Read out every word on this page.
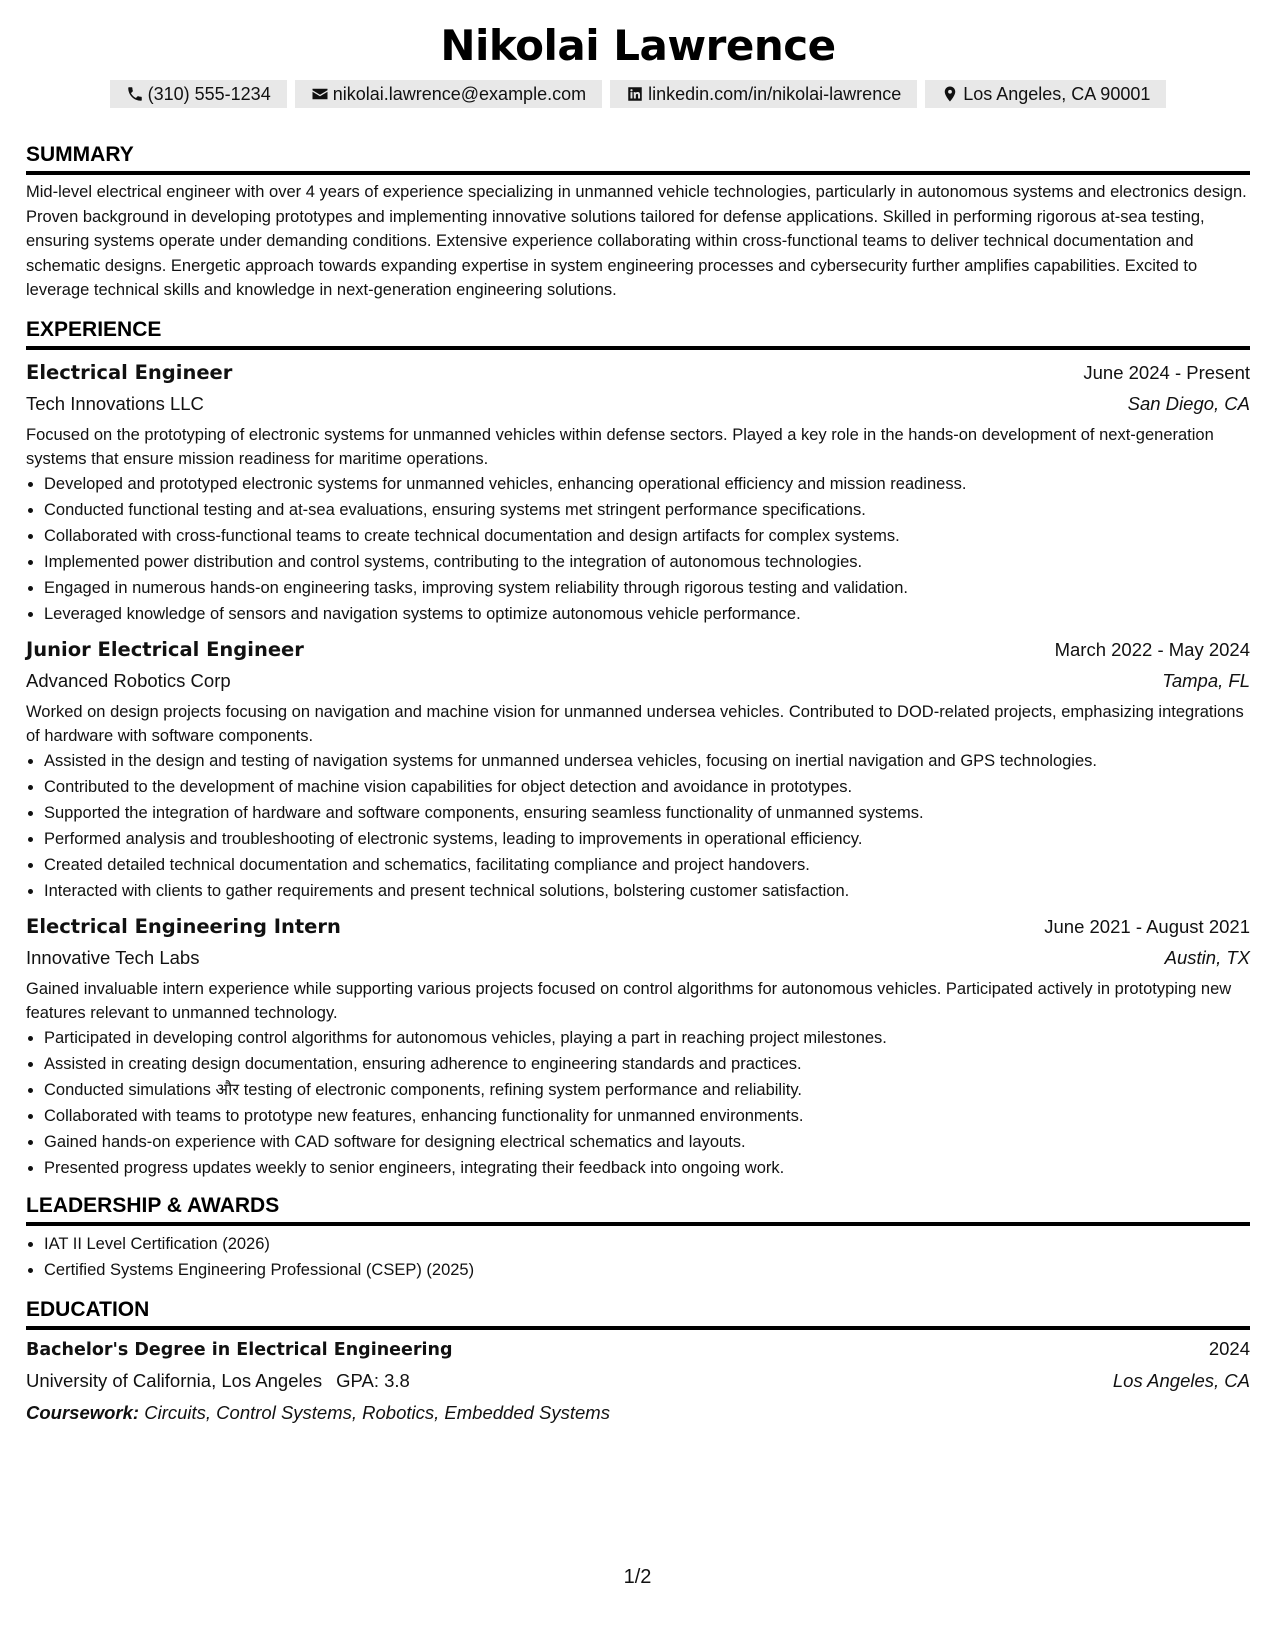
Nikolai Lawrence
(310) 555-1234	nikolai.lawrence@example.com	linkedin.com/in/nikolai-lawrence	Los Angeles, CA 90001
SUMMARY

Mid-level electrical engineer with over 4 years of experience specializing in unmanned vehicle technologies, particularly in autonomous systems and electronics design. Proven background in developing prototypes and implementing innovative solutions tailored for defense applications. Skilled in performing rigorous at-sea testing, ensuring systems operate under demanding conditions. Extensive experience collaborating within cross-functional teams to deliver technical documentation and schematic designs. Energetic approach towards expanding expertise in system engineering processes and cybersecurity further amplifies capabilities. Excited to leverage technical skills and knowledge in next-generation engineering solutions.

EXPERIENCE
Electrical Engineer	June 2024 - Present
Tech Innovations LLC	San Diego, CA
Focused on the prototyping of electronic systems for unmanned vehicles within defense sectors. Played a key role in the hands-on development of next-generation systems that ensure mission readiness for maritime operations.
• Developed and prototyped electronic systems for unmanned vehicles, enhancing operational efficiency and mission readiness.
• Conducted functional testing and at-sea evaluations, ensuring systems met stringent performance specifications.
• Collaborated with cross-functional teams to create technical documentation and design artifacts for complex systems.
• Implemented power distribution and control systems, contributing to the integration of autonomous technologies.
• Engaged in numerous hands-on engineering tasks, improving system reliability through rigorous testing and validation.
• Leveraged knowledge of sensors and navigation systems to optimize autonomous vehicle performance.
Junior Electrical Engineer	March 2022 - May 2024
Advanced Robotics Corp	Tampa, FL
Worked on design projects focusing on navigation and machine vision for unmanned undersea vehicles. Contributed to DOD-related projects, emphasizing integrations of hardware with software components.
• Assisted in the design and testing of navigation systems for unmanned undersea vehicles, focusing on inertial navigation and GPS technologies.
• Contributed to the development of machine vision capabilities for object detection and avoidance in prototypes.
• Supported the integration of hardware and software components, ensuring seamless functionality of unmanned systems.
• Performed analysis and troubleshooting of electronic systems, leading to improvements in operational efficiency.
• Created detailed technical documentation and schematics, facilitating compliance and project handovers.
• Interacted with clients to gather requirements and present technical solutions, bolstering customer satisfaction.
Electrical Engineering Intern	June 2021 - August 2021
Innovative Tech Labs	Austin, TX
Gained invaluable intern experience while supporting various projects focused on control algorithms for autonomous vehicles. Participated actively in prototyping new features relevant to unmanned technology.
• Participated in developing control algorithms for autonomous vehicles, playing a part in reaching project milestones.
• Assisted in creating design documentation, ensuring adherence to engineering standards and practices.
• Conducted simulations और testing of electronic components, refining system performance and reliability.
• Collaborated with teams to prototype new features, enhancing functionality for unmanned environments.
• Gained hands-on experience with CAD software for designing electrical schematics and layouts.
• Presented progress updates weekly to senior engineers, integrating their feedback into ongoing work.
LEADERSHIP & AWARDS
• IAT II Level Certification (2026)
• Certified Systems Engineering Professional (CSEP) (2025)
EDUCATION
Bachelor's Degree in Electrical Engineering	2024
University of California, Los Angeles GPA: 3.8	Los Angeles, CA
Coursework: Circuits, Control Systems, Robotics, Embedded Systems
1/2
